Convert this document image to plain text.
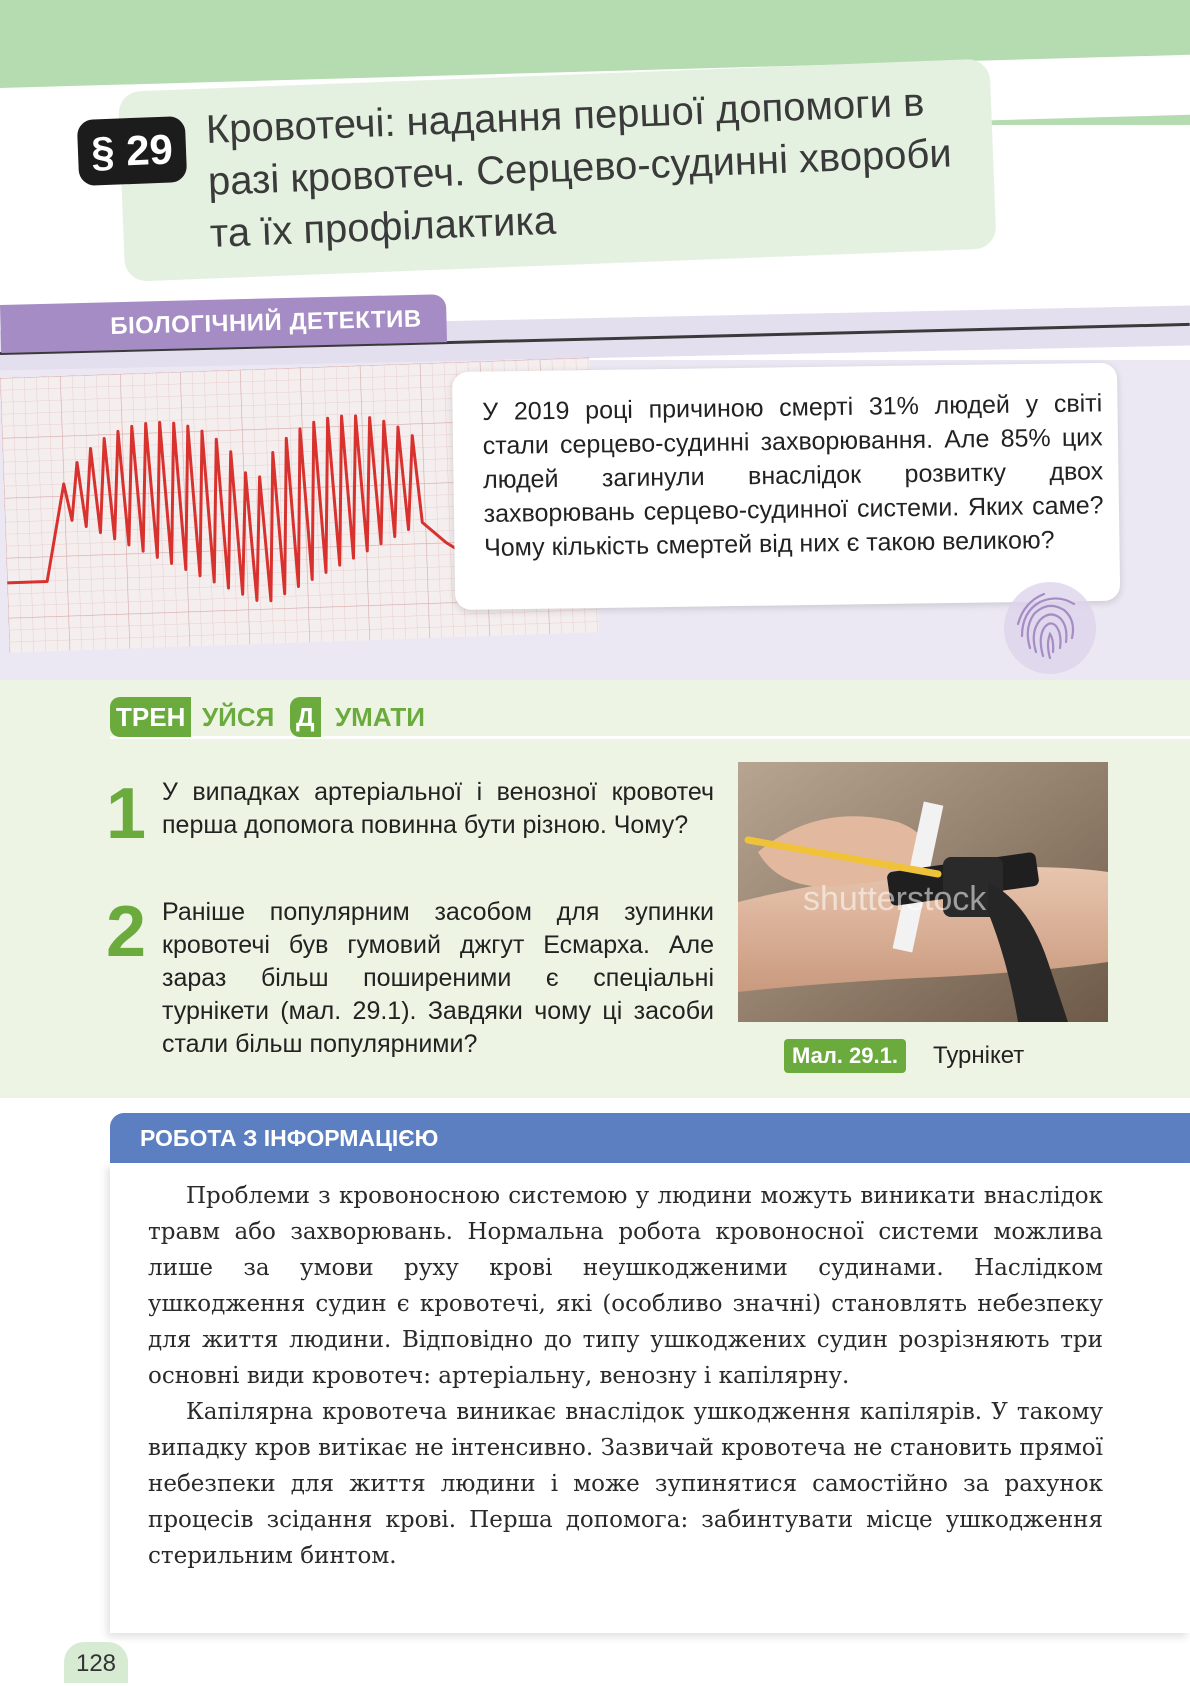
§ 29 Кровотечі: надання першої допомоги в разі кровотеч. Серцево-судинні хвороби та їх профілактика
БІОЛОГІЧНИЙ ДЕТЕКТИВ
У 2019 році причиною смерті 31% людей у світі стали серцево-судинні захворювання. Але 85% цих людей загинули внаслідок розвитку двох захворювань серцево-судинної системи. Яких саме? Чому кількість смертей від них є такою великою?
ТРЕН УЙСЯ Д УМАТИ
1 У випадках артеріальної і венозної кровотеч перша допомога повинна бути різною. Чому?
2 Раніше популярним засобом для зупинки кровотечі був гумовий джгут Есмарха. Але зараз більш поширеними є спеціальні турнікети (мал. 29.1). Завдяки чому ці засоби стали більш популярними?
shutterstock
Мал. 29.1.	Турнікет
РОБОТА З ІНФОРМАЦІЄЮ

Проблеми з кровоносною системою у людини можуть виникати внаслідок травм або захворювань. Нормальна робота кровоносної системи можлива лише за умови руху крові неушкодженими судинами. Наслідком ушкодження судин є кровотечі, які (особливо значні) становлять небезпеку для життя людини. Відповідно до типу ушкоджених судин розрізняють три основні види кровотеч: артеріальну, венозну і капілярну.

Капілярна кровотеча виникає внаслідок ушкодження капілярів. У такому випадку кров витікає не інтенсивно. Зазвичай кровотеча не становить прямої небезпеки для життя людини і може зупинятися самостійно за рахунок процесів зсідання крові. Перша допомога: забинтувати місце ушкодження стерильним бинтом.

128
